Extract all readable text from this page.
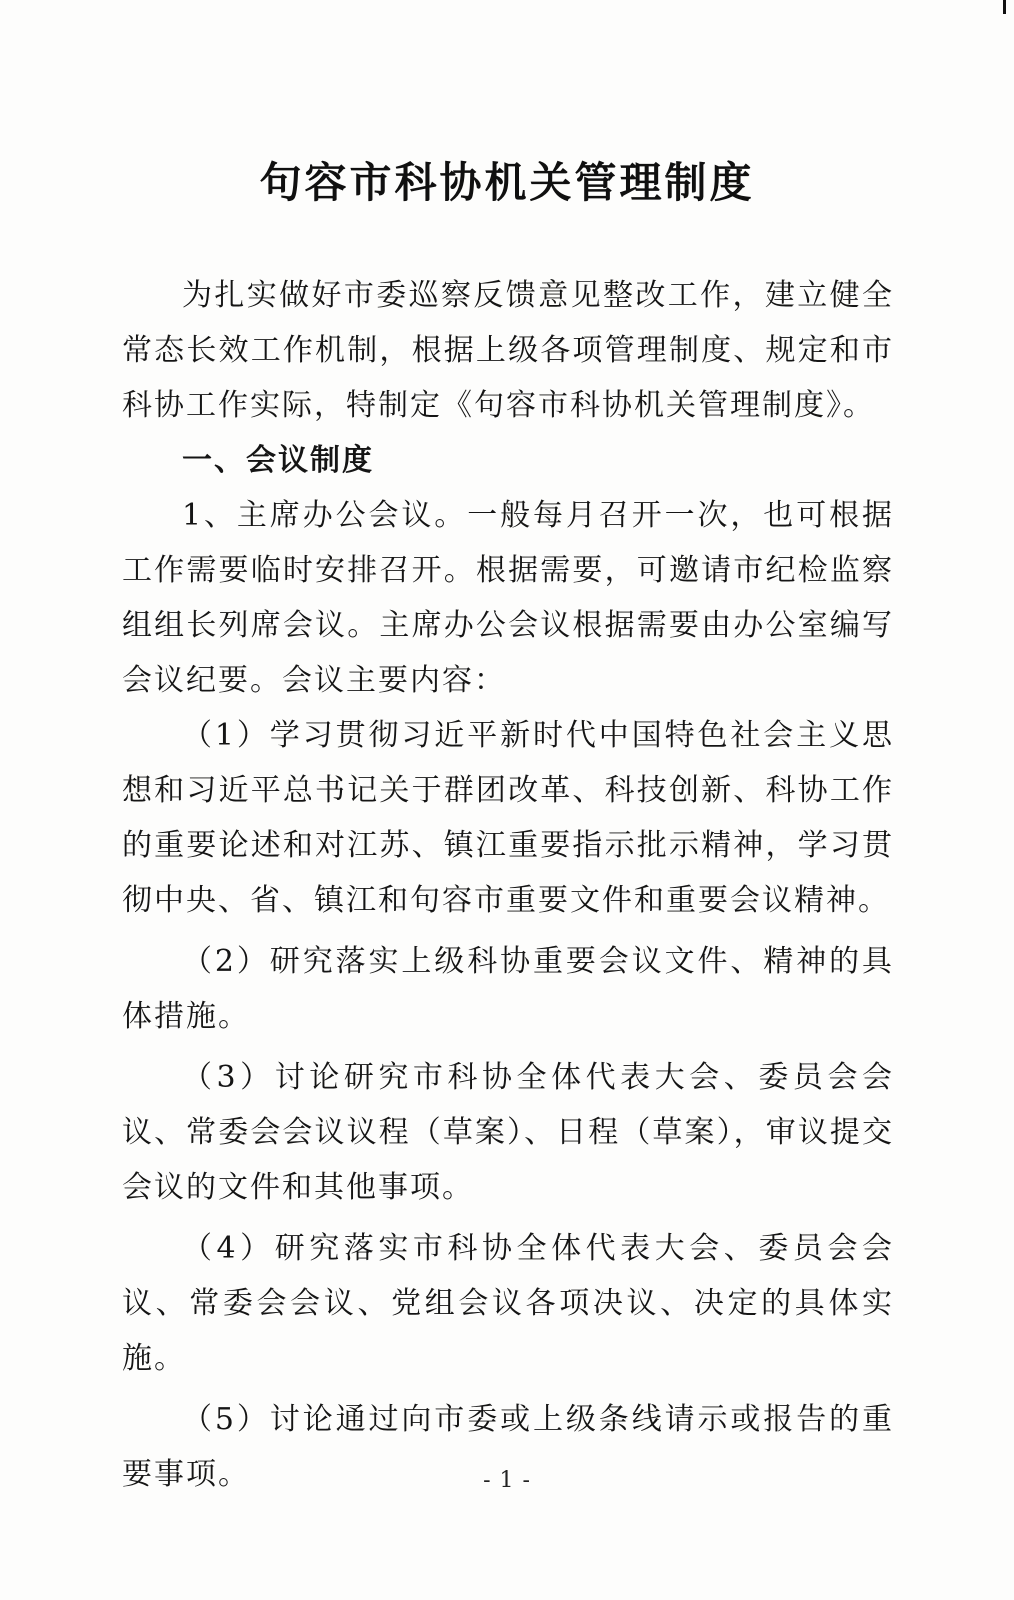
句容市科协机关管理制度

为扎实做好市委巡察反馈意见整改工作，建立健全常态长效工作机制，根据上级各项管理制度、规定和市科协工作实际，特制定《句容市科协机关管理制度》。

一、会议制度

1、主席办公会议。一般每月召开一次，也可根据工作需要临时安排召开。根据需要，可邀请市纪检监察组组长列席会议。主席办公会议根据需要由办公室编写会议纪要。会议主要内容：

（1）学习贯彻习近平新时代中国特色社会主义思想和习近平总书记关于群团改革、科技创新、科协工作的重要论述和对江苏、镇江重要指示批示精神，学习贯彻中央、省、镇江和句容市重要文件和重要会议精神。

（2）研究落实上级科协重要会议文件、精神的具体措施。

（3）讨论研究市科协全体代表大会、委员会会议、常委会会议议程（草案）、日程（草案），审议提交会议的文件和其他事项。

（4）研究落实市科协全体代表大会、委员会会议、常委会会议、党组会议各项决议、决定的具体实施。

（5）讨论通过向市委或上级条线请示或报告的重要事项。	- 1 -
